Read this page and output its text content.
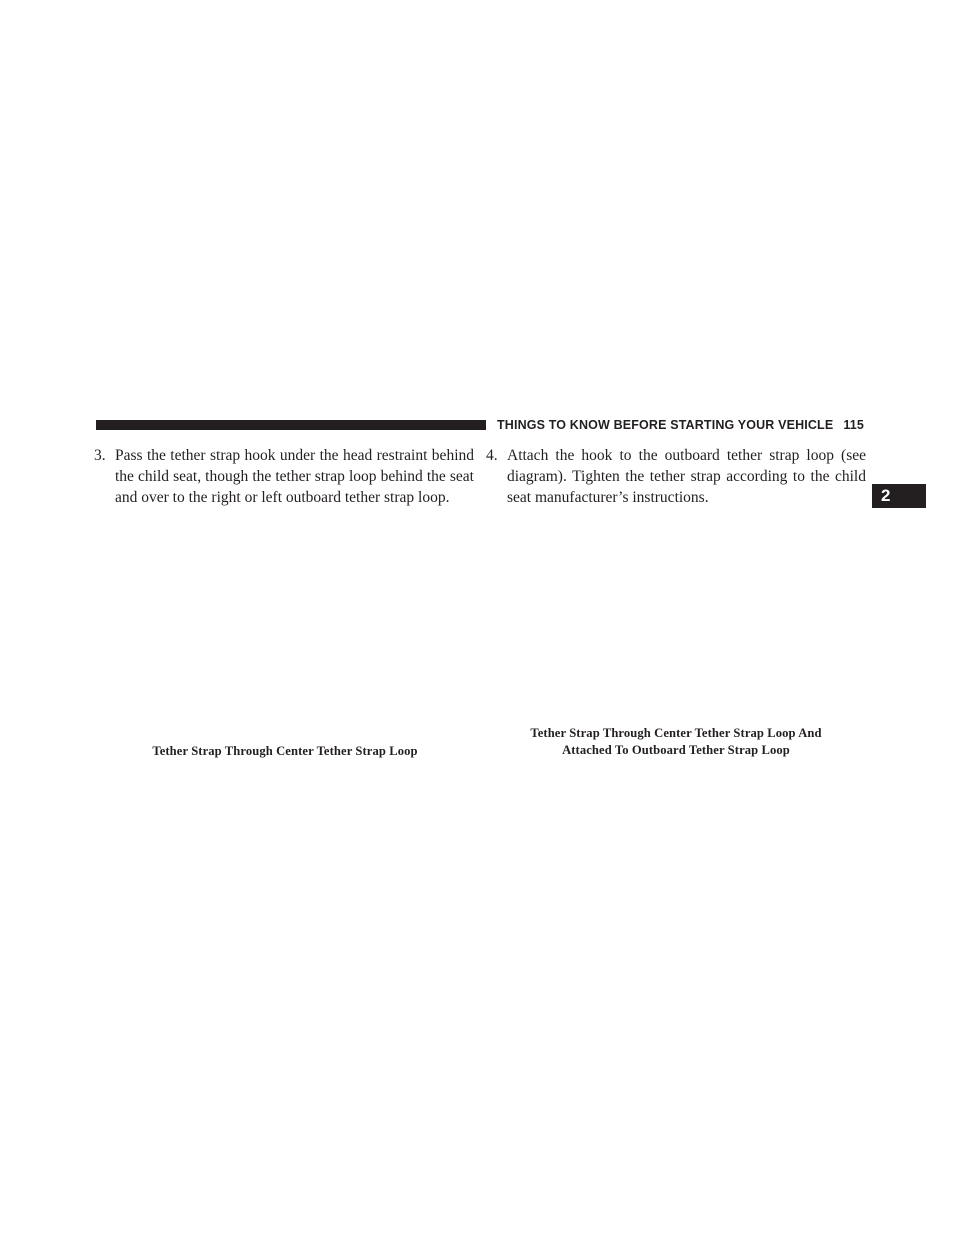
THINGS TO KNOW BEFORE STARTING YOUR VEHICLE 115
2
3. Pass the tether strap hook under the head restraint behind the child seat, though the tether strap loop behind the seat and over to the right or left outboard tether strap loop.
4. Attach the hook to the outboard tether strap loop (see diagram). Tighten the tether strap according to the child seat manufacturer’s instructions.
Tether Strap Through Center Tether Strap Loop
Tether Strap Through Center Tether Strap Loop And
Attached To Outboard Tether Strap Loop
